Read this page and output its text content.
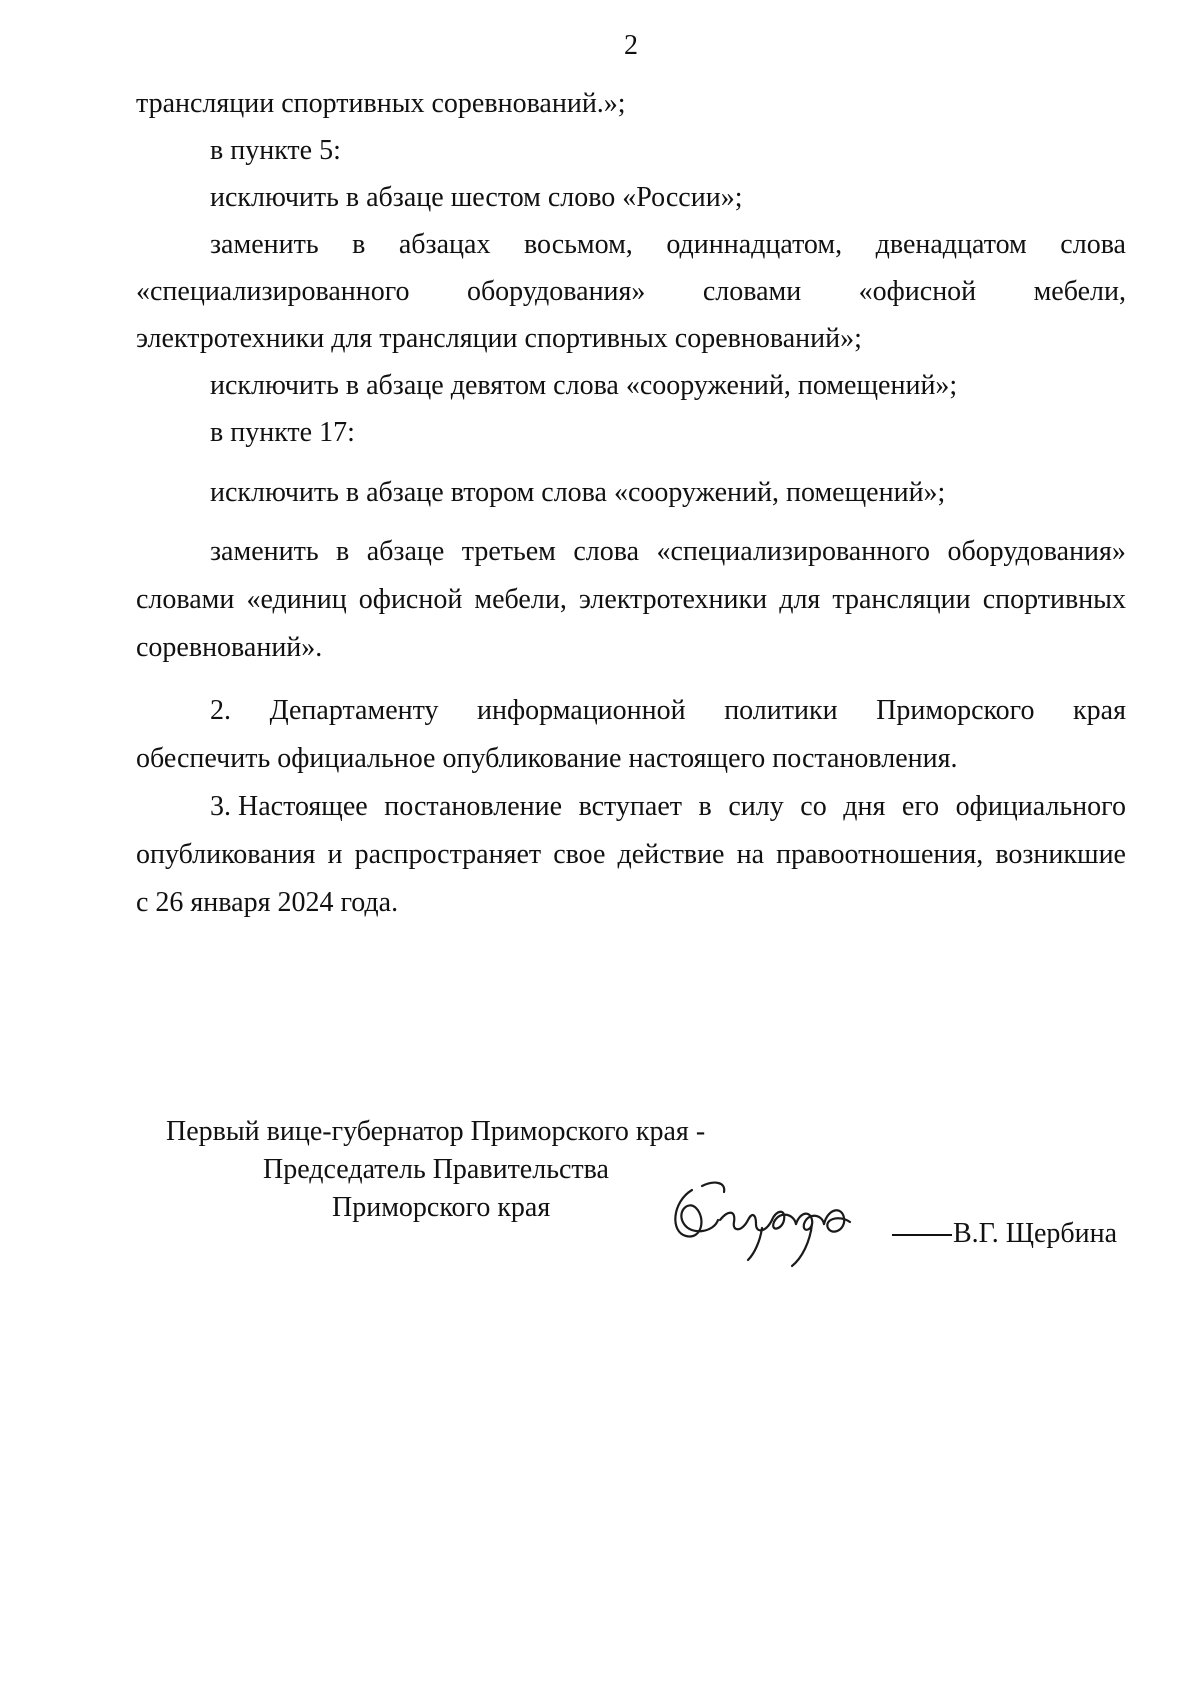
2
трансляции спортивных соревнований.»;
в пункте 5:
исключить в абзаце шестом слово «России»;
заменить в абзацах восьмом, одиннадцатом, двенадцатом слова
«специализированного оборудования» словами «офисной мебели,
электротехники для трансляции спортивных соревнований»;
исключить в абзаце девятом слова «сооружений, помещений»;
в пункте 17:
исключить в абзаце втором слова «сооружений, помещений»;
заменить в абзаце третьем слова «специализированного оборудования»
словами «единиц офисной мебели, электротехники для трансляции спортивных
соревнований».
2. Департаменту информационной политики Приморского края
обеспечить официальное опубликование настоящего постановления.
3. Настоящее постановление вступает в силу со дня его официального
опубликования и распространяет свое действие на правоотношения, возникшие
с 26 января 2024 года.
Первый вице-губернатор Приморского края -
Председатель Правительства
Приморского края
В.Г. Щербина
